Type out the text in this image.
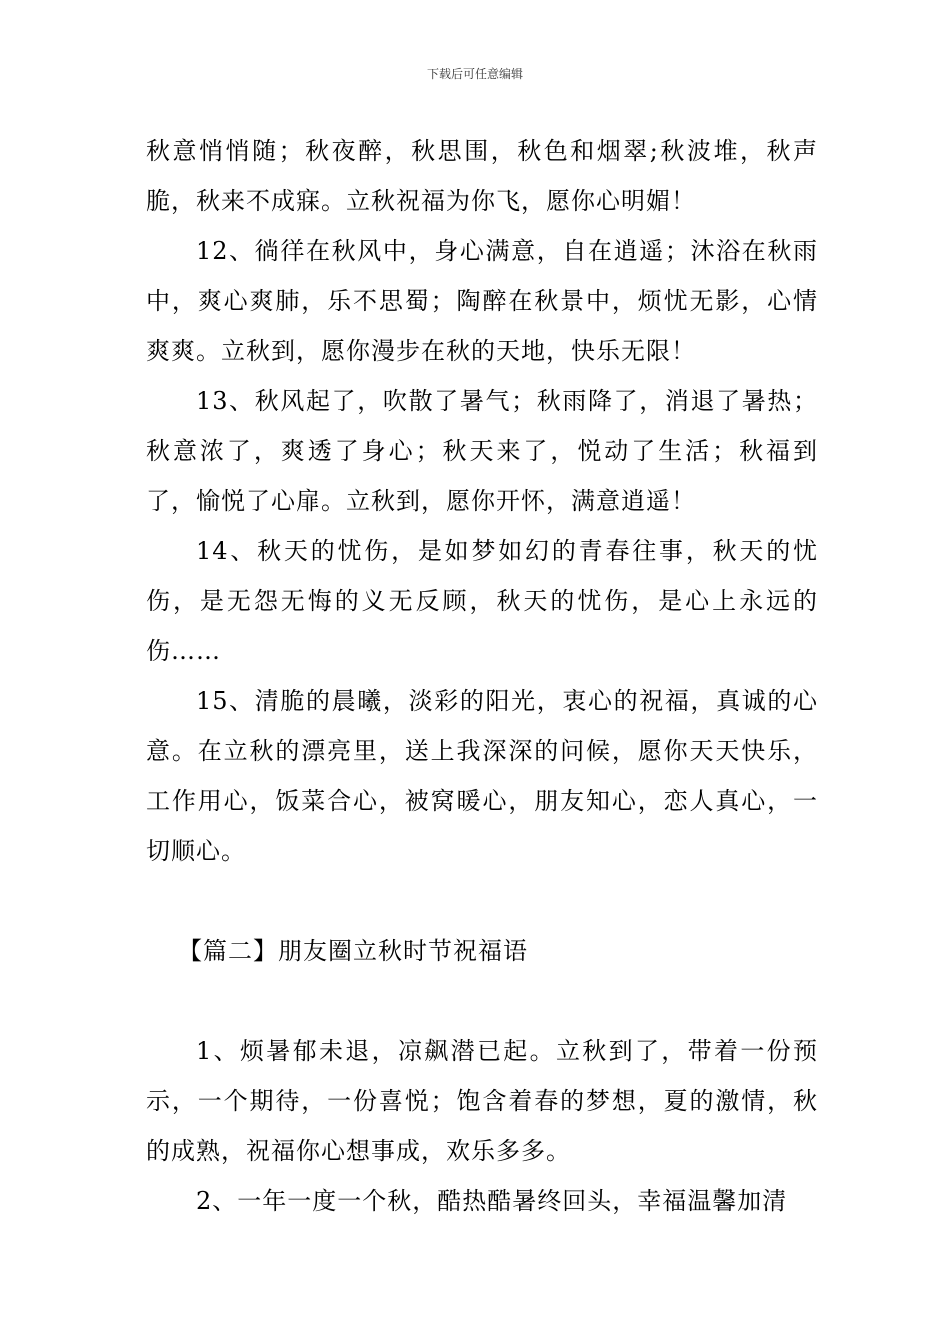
下载后可任意编辑

秋意悄悄随；秋夜醉，秋思围，秋色和烟翠;秋波堆，秋声脆，秋来不成寐。立秋祝福为你飞，愿你心明媚！

12、徜徉在秋风中，身心满意，自在逍遥；沐浴在秋雨中，爽心爽肺，乐不思蜀；陶醉在秋景中，烦忧无影，心情爽爽。立秋到，愿你漫步在秋的天地，快乐无限！

13、秋风起了，吹散了暑气；秋雨降了，消退了暑热；秋意浓了，爽透了身心；秋天来了，悦动了生活；秋福到了，愉悦了心扉。立秋到，愿你开怀，满意逍遥！

14、秋天的忧伤，是如梦如幻的青春往事，秋天的忧伤，是无怨无悔的义无反顾，秋天的忧伤，是心上永远的伤……

15、清脆的晨曦，淡彩的阳光，衷心的祝福，真诚的心意。在立秋的漂亮里，送上我深深的问候，愿你天天快乐，工作用心，饭菜合心，被窝暖心，朋友知心，恋人真心，一切顺心。

【篇二】朋友圈立秋时节祝福语

1、烦暑郁未退，凉飙潜已起。立秋到了，带着一份预示，一个期待，一份喜悦；饱含着春的梦想，夏的激情，秋的成熟，祝福你心想事成，欢乐多多。

2、一年一度一个秋，酷热酷暑终回头，幸福温馨加清
